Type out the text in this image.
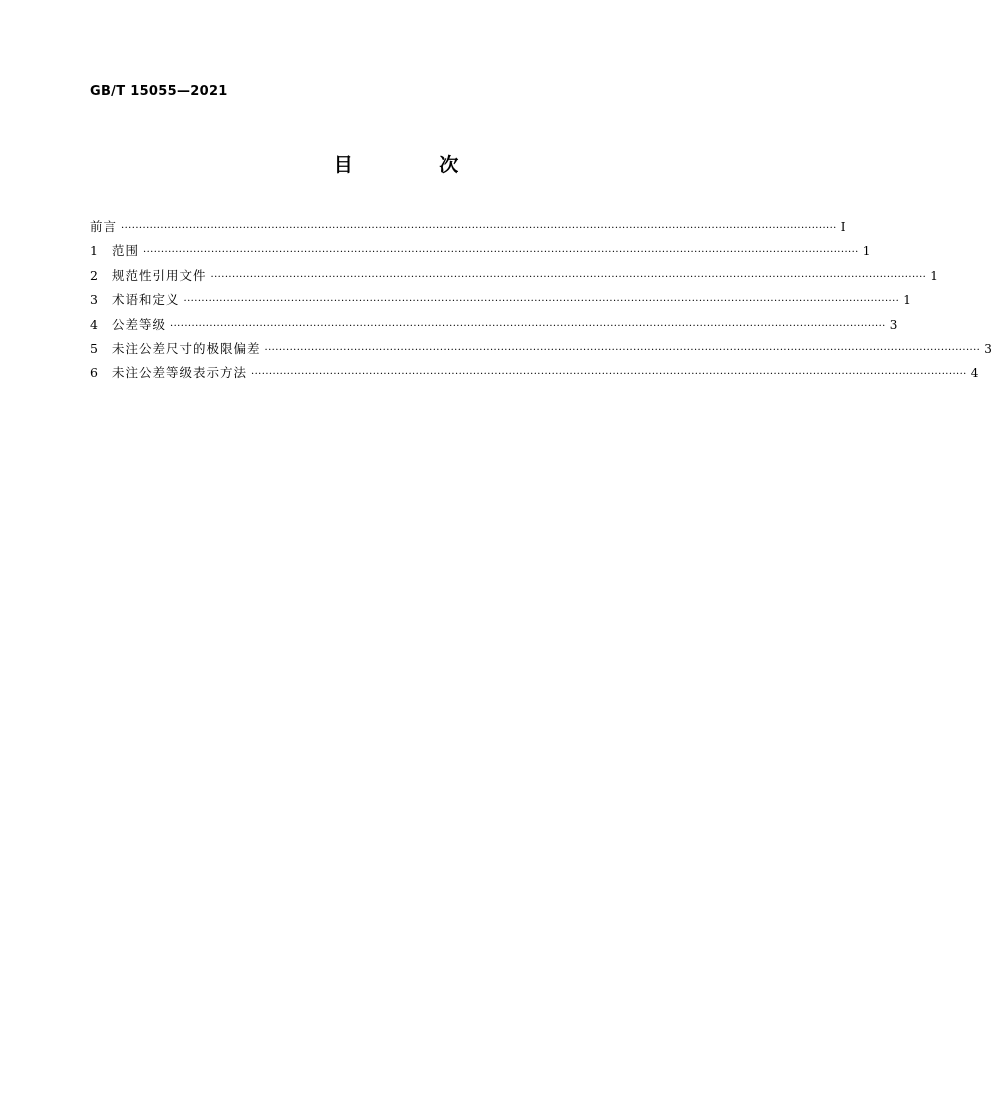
GB/T 15055—2021
目 次
前言 ········································································································································································································ Ⅰ
1	范围 ········································································································································································································ 1
2	规范性引用文件 ········································································································································································································ 1
3	术语和定义 ········································································································································································································ 1
4	公差等级 ········································································································································································································ 3
5	未注公差尺寸的极限偏差 ········································································································································································································ 3
6	未注公差等级表示方法 ········································································································································································································ 4
